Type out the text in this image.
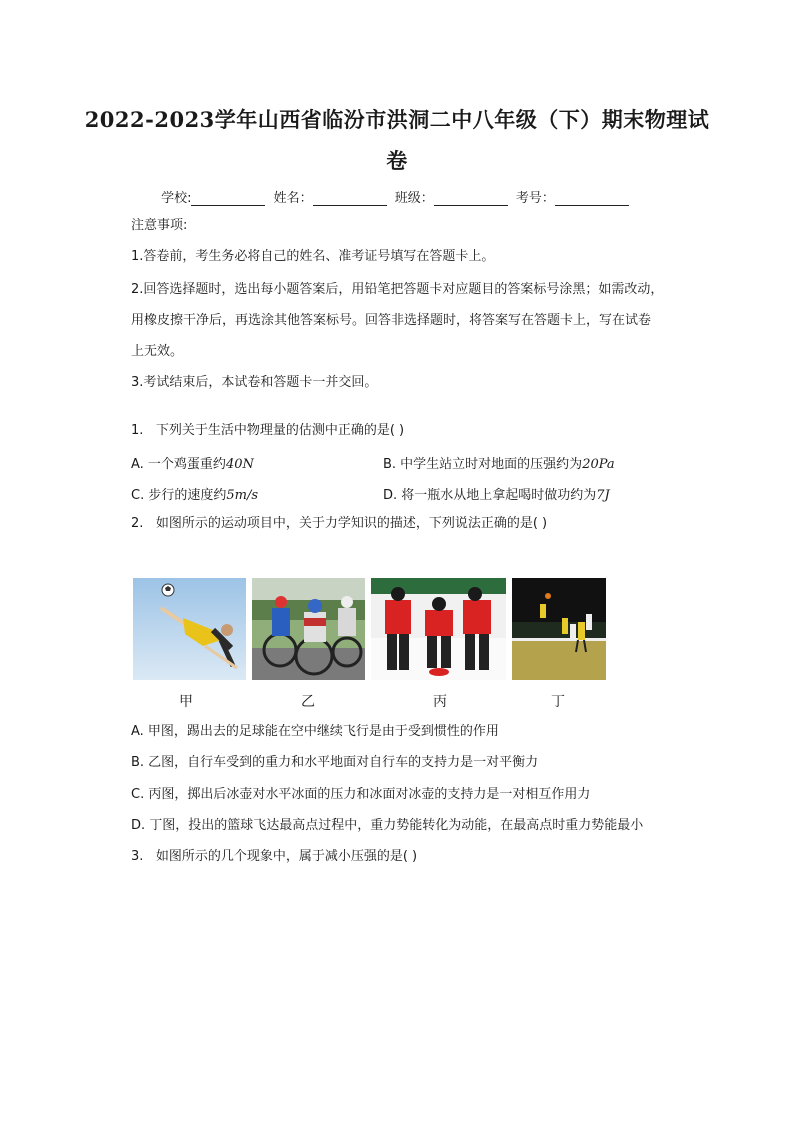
2022-2023学年山西省临汾市洪洞二中八年级（下）期末物理试
卷
学校:	姓名：	班级：	考号：
注意事项:
1.答卷前，考生务必将自己的姓名、准考证号填写在答题卡上。
2.回答选择题时，选出每小题答案后，用铅笔把答题卡对应题目的答案标号涂黑；如需改动，
用橡皮擦干净后，再选涂其他答案标号。回答非选择题时，将答案写在答题卡上，写在试卷
上无效。
3.考试结束后，本试卷和答题卡一并交回。
1. 下列关于生活中物理量的估测中正确的是( )
A. 一个鸡蛋重约40N	B. 中学生站立时对地面的压强约为20Pa
C. 步行的速度约5m/s	D. 将一瓶水从地上拿起喝时做功约为7J
2. 如图所示的运动项目中，关于力学知识的描述，下列说法正确的是( )
甲	乙	丙	丁
A. 甲图，踢出去的足球能在空中继续飞行是由于受到惯性的作用
B. 乙图，自行车受到的重力和水平地面对自行车的支持力是一对平衡力
C. 丙图，掷出后冰壶对水平冰面的压力和冰面对冰壶的支持力是一对相互作用力
D. 丁图，投出的篮球飞达最高点过程中，重力势能转化为动能，在最高点时重力势能最小
3. 如图所示的几个现象中，属于减小压强的是( )
